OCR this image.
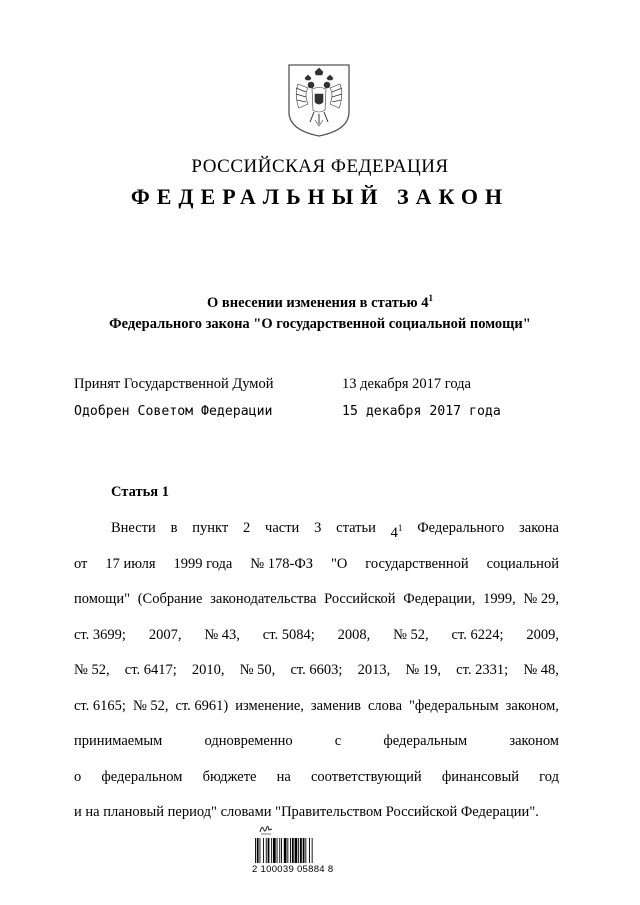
РОССИЙСКАЯ ФЕДЕРАЦИЯ
ФЕДЕРАЛЬНЫЙ ЗАКОН
О внесении изменения в статью $4^1$
Федерального закона "О государственной социальной помощи"
Принят Государственной Думой	13 декабря 2017 года
Одобрен Советом Федерации	15 декабря 2017 года
Статья 1
Внести в пункт 2 части 3 статьи $4^1$ Федерального закона
от 17 июля 1999 года № 178-ФЗ "О государственной социальной
помощи" (Собрание законодательства Российской Федерации, 1999, № 29,
ст. 3699; 2007, № 43, ст. 5084; 2008, № 52, ст. 6224; 2009,
№ 52, ст. 6417; 2010, № 50, ст. 6603; 2013, № 19, ст. 2331; № 48,
ст. 6165; № 52, ст. 6961) изменение, заменив слова "федеральным законом,
принимаемым	одновременно	с	федеральным	законом
о федеральном бюджете на соответствующий финансовый год
и на плановый период" словами "Правительством Российской Федерации".
2 100039 05884 8
